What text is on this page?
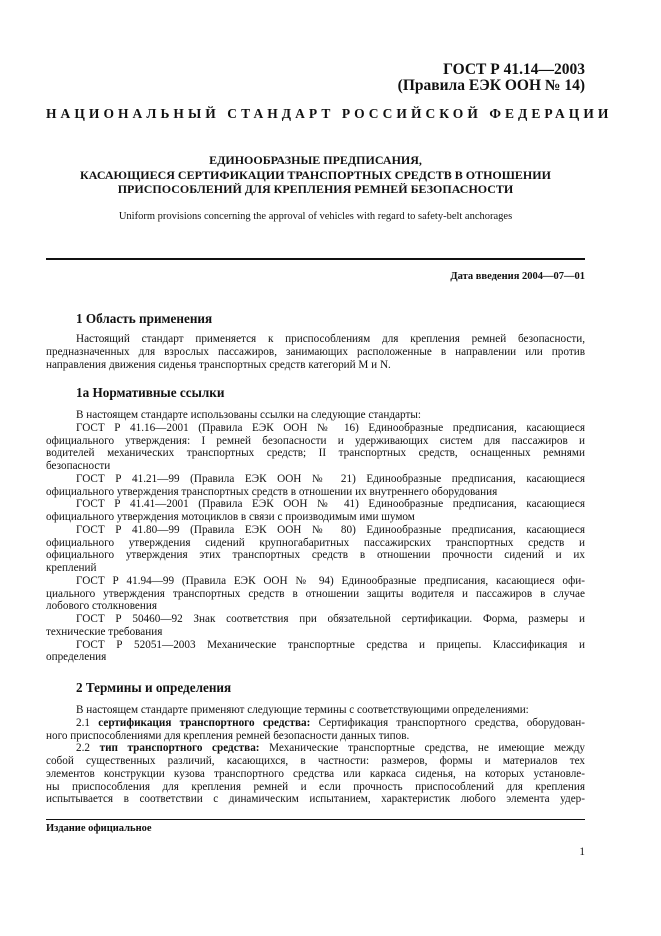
ГОСТ Р 41.14—2003
(Правила ЕЭК ООН № 14)
НАЦИОНАЛЬНЫЙ СТАНДАРТ РОССИЙСКОЙ ФЕДЕРАЦИИ
ЕДИНООБРАЗНЫЕ ПРЕДПИСАНИЯ,
КАСАЮЩИЕСЯ СЕРТИФИКАЦИИ ТРАНСПОРТНЫХ СРЕДСТВ В ОТНОШЕНИИ
ПРИСПОСОБЛЕНИЙ ДЛЯ КРЕПЛЕНИЯ РЕМНЕЙ БЕЗОПАСНОСТИ
Uniform provisions concerning the approval of vehicles with regard to safety-belt anchorages
Дата введения 2004—07—01
1 Область применения
Настоящий стандарт применяется к приспособлениям для крепления ремней безопасности,
предназначенных для взрослых пассажиров, занимающих расположенные в направлении или против
направления движения сиденья транспортных средств категорий M и N.
1а Нормативные ссылки
В настоящем стандарте использованы ссылки на следующие стандарты:
ГОСТ Р 41.16—2001 (Правила ЕЭК ООН № 16) Единообразные предписания, касающиеся
официального утверждения: I ремней безопасности и удерживающих систем для пассажиров и
водителей механических транспортных средств; II транспортных средств, оснащенных ремнями
безопасности
ГОСТ Р 41.21—99 (Правила ЕЭК ООН № 21) Единообразные предписания, касающиеся
официального утверждения транспортных средств в отношении их внутреннего оборудования
ГОСТ Р 41.41—2001 (Правила ЕЭК ООН № 41) Единообразные предписания, касающиеся
официального утверждения мотоциклов в связи с производимым ими шумом
ГОСТ Р 41.80—99 (Правила ЕЭК ООН № 80) Единообразные предписания, касающиеся
официального утверждения сидений крупногабаритных пассажирских транспортных средств и
официального утверждения этих транспортных средств в отношении прочности сидений и их
креплений
ГОСТ Р 41.94—99 (Правила ЕЭК ООН № 94) Единообразные предписания, касающиеся офи-
циального утверждения транспортных средств в отношении защиты водителя и пассажиров в случае
лобового столкновения
ГОСТ Р 50460—92 Знак соответствия при обязательной сертификации. Форма, размеры и
технические требования
ГОСТ Р 52051—2003 Механические транспортные средства и прицепы. Классификация и
определения
2 Термины и определения
В настоящем стандарте применяют следующие термины с соответствующими определениями:
2.1 сертификация транспортного средства: Сертификация транспортного средства, оборудован-
ного приспособлениями для крепления ремней безопасности данных типов.
2.2 тип транспортного средства: Механические транспортные средства, не имеющие между
собой существенных различий, касающихся, в частности: размеров, формы и материалов тех
элементов конструкции кузова транспортного средства или каркаса сиденья, на которых установле-
ны приспособления для крепления ремней и если прочность приспособлений для крепления
испытывается в соответствии с динамическим испытанием, характеристик любого элемента удер-
Издание официальное
1
